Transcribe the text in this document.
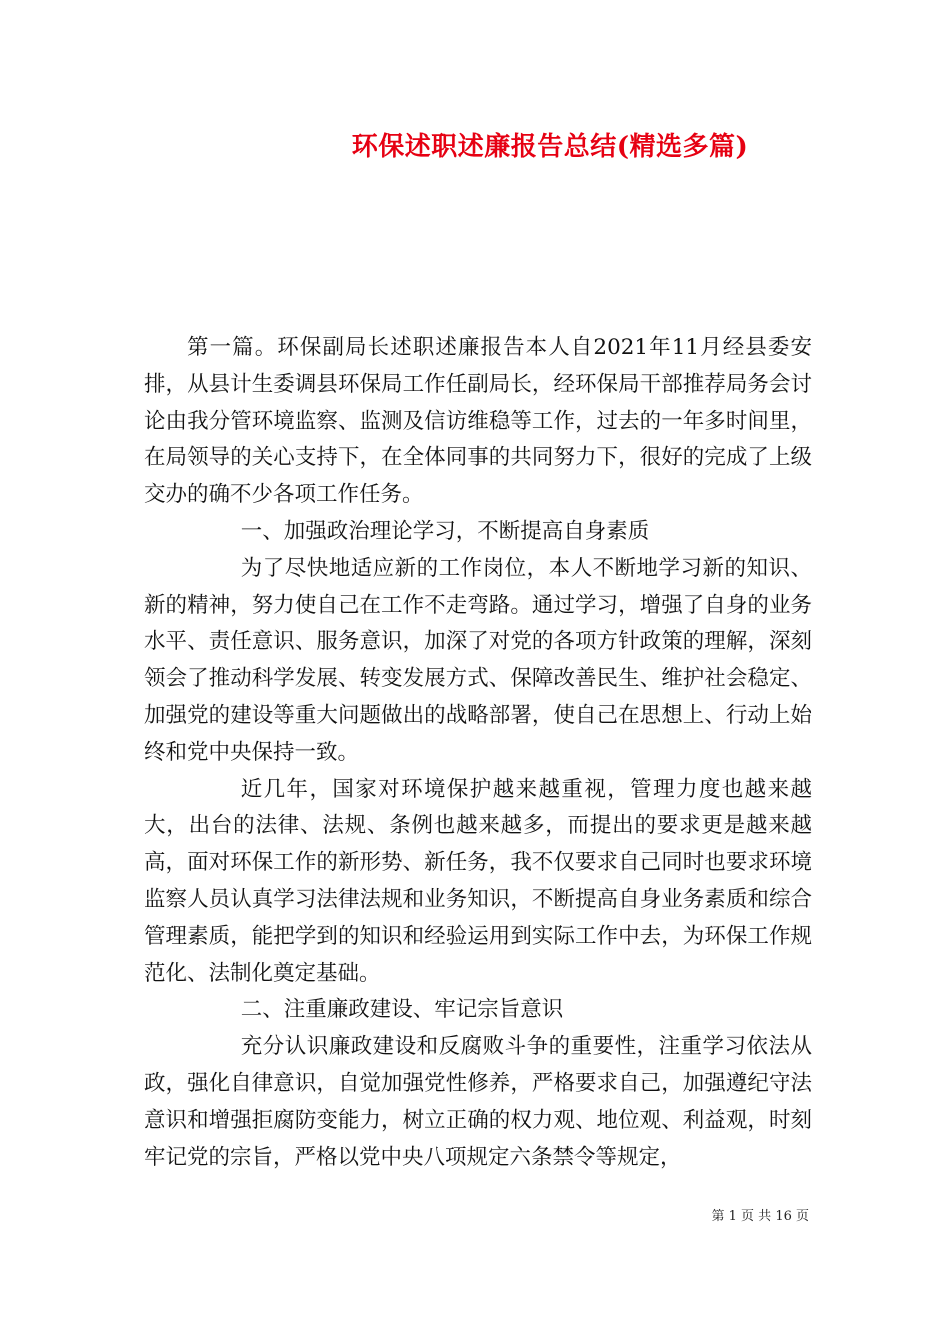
环保述职述廉报告总结(精选多篇)

第一篇。环保副局长述职述廉报告本人自2021年11月经县委安排，从县计生委调县环保局工作任副局长，经环保局干部推荐局务会讨论由我分管环境监察、监测及信访维稳等工作，过去的一年多时间里，在局领导的关心支持下，在全体同事的共同努力下，很好的完成了上级交办的确不少各项工作任务。

一、加强政治理论学习，不断提高自身素质

为了尽快地适应新的工作岗位，本人不断地学习新的知识、新的精神，努力使自己在工作不走弯路。通过学习，增强了自身的业务水平、责任意识、服务意识，加深了对党的各项方针政策的理解，深刻领会了推动科学发展、转变发展方式、保障改善民生、维护社会稳定、加强党的建设等重大问题做出的战略部署，使自己在思想上、行动上始终和党中央保持一致。

近几年，国家对环境保护越来越重视，管理力度也越来越大，出台的法律、法规、条例也越来越多，而提出的要求更是越来越高，面对环保工作的新形势、新任务，我不仅要求自己同时也要求环境监察人员认真学习法律法规和业务知识，不断提高自身业务素质和综合管理素质，能把学到的知识和经验运用到实际工作中去，为环保工作规范化、法制化奠定基础。

二、注重廉政建设、牢记宗旨意识

充分认识廉政建设和反腐败斗争的重要性，注重学习依法从政，强化自律意识，自觉加强党性修养，严格要求自己，加强遵纪守法意识和增强拒腐防变能力，树立正确的权力观、地位观、利益观，时刻牢记党的宗旨，严格以党中央八项规定六条禁令等规定，

第 1 页 共 16 页
